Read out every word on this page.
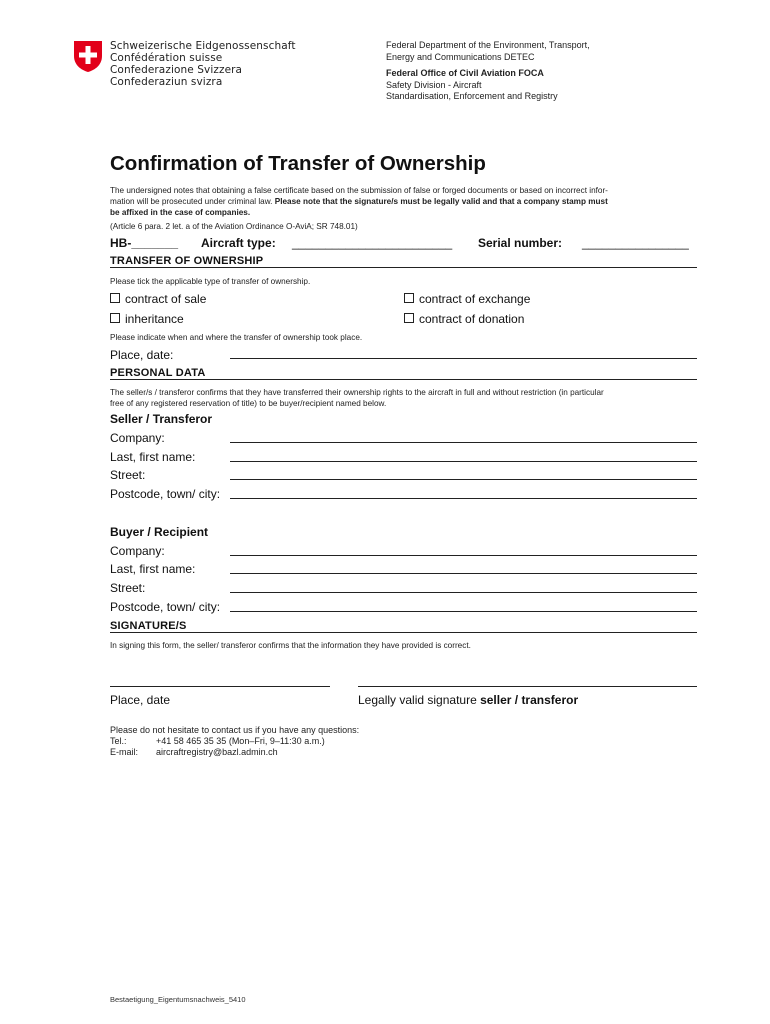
Schweizerische Eidgenossenschaft
Confédération suisse
Confederazione Svizzera
Confederaziun svizra
Federal Department of the Environment, Transport,
Energy and Communications DETEC
Federal Office of Civil Aviation FOCA
Safety Division - Aircraft
Standardisation, Enforcement and Registry
Confirmation of Transfer of Ownership
The undersigned notes that obtaining a false certificate based on the submission of false or forged documents or based on incorrect infor-
mation will be prosecuted under criminal law. Please note that the signature/s must be legally valid and that a company stamp must
be affixed in the case of companies.
(Article 6 para. 2 let. a of the Aviation Ordinance O-AviA; SR 748.01)
HB-_______ Aircraft type: ________________________ Serial number: ________________
TRANSFER OF OWNERSHIP
Please tick the applicable type of transfer of ownership.
contract of sale	contract of exchange
inheritance	contract of donation
Please indicate when and where the transfer of ownership took place.
Place, date:
PERSONAL DATA
The seller/s / transferor confirms that they have transferred their ownership rights to the aircraft in full and without restriction (in particular
free of any registered reservation of title) to be buyer/recipient named below.
Seller / Transferor
Company:
Last, first name:
Street:
Postcode, town/ city:
Buyer / Recipient
Company:
Last, first name:
Street:
Postcode, town/ city:
SIGNATURE/S
In signing this form, the seller/ transferor confirms that the information they have provided is correct.
Place, date	Legally valid signature seller / transferor
Please do not hesitate to contact us if you have any questions:
Tel.:	+41 58 465 35 35 (Mon–Fri, 9–11:30 a.m.)
E-mail: aircraftregistry@bazl.admin.ch
Bestaetigung_Eigentumsnachweis_5410
